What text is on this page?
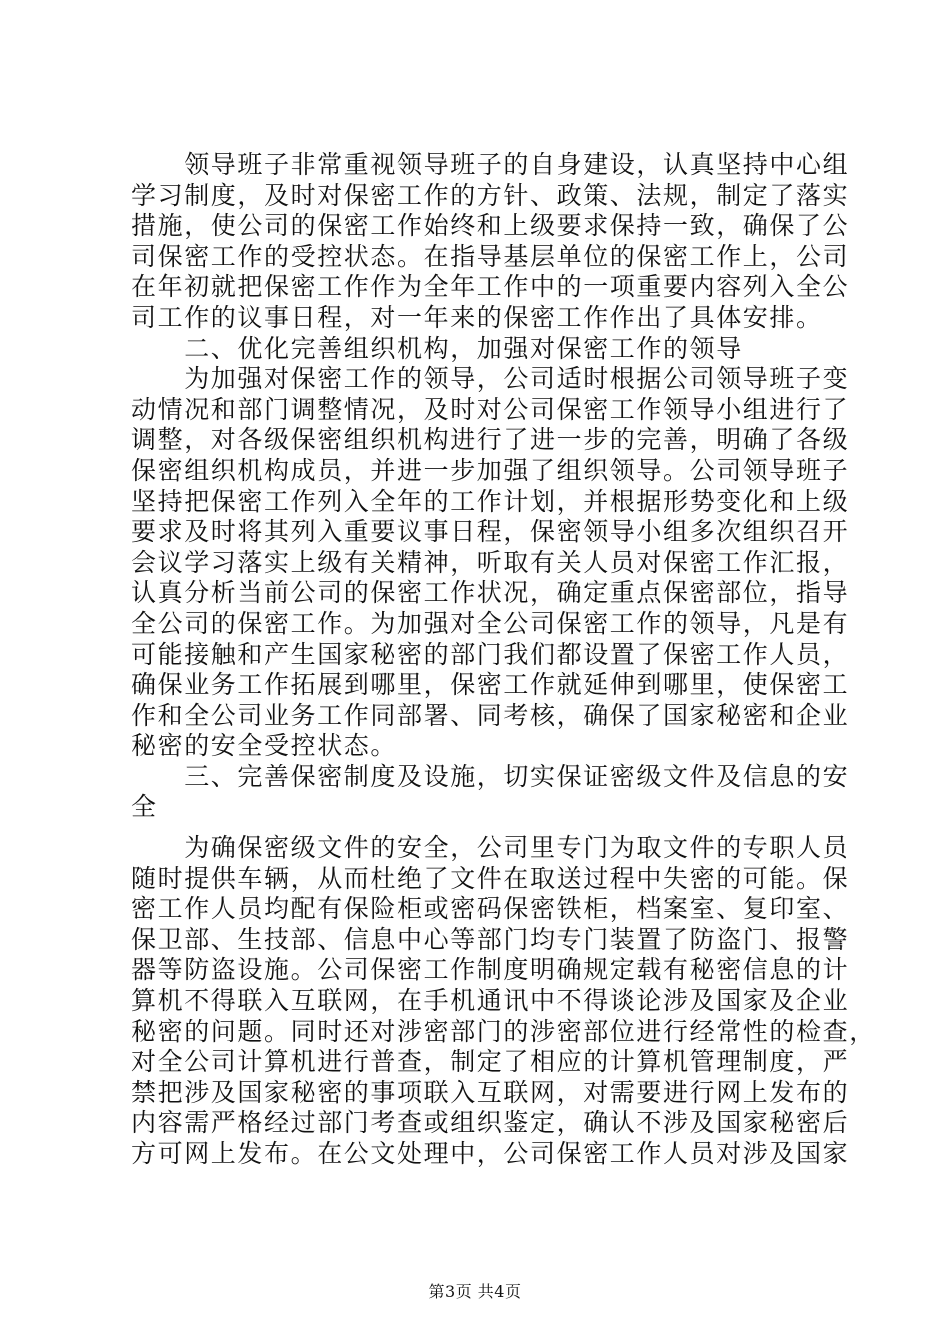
　　领导班子非常重视领导班子的自身建设，认真坚持中心组
学习制度，及时对保密工作的方针、政策、法规，制定了落实
措施，使公司的保密工作始终和上级要求保持一致，确保了公
司保密工作的受控状态。在指导基层单位的保密工作上，公司
在年初就把保密工作作为全年工作中的一项重要内容列入全公
司工作的议事日程，对一年来的保密工作作出了具体安排。
　　二、优化完善组织机构，加强对保密工作的领导
　　为加强对保密工作的领导，公司适时根据公司领导班子变
动情况和部门调整情况，及时对公司保密工作领导小组进行了
调整，对各级保密组织机构进行了进一步的完善，明确了各级
保密组织机构成员，并进一步加强了组织领导。公司领导班子
坚持把保密工作列入全年的工作计划，并根据形势变化和上级
要求及时将其列入重要议事日程，保密领导小组多次组织召开
会议学习落实上级有关精神，听取有关人员对保密工作汇报，
认真分析当前公司的保密工作状况，确定重点保密部位，指导
全公司的保密工作。为加强对全公司保密工作的领导，凡是有
可能接触和产生国家秘密的部门我们都设置了保密工作人员，
确保业务工作拓展到哪里，保密工作就延伸到哪里，使保密工
作和全公司业务工作同部署、同考核，确保了国家秘密和企业
秘密的安全受控状态。
　　三、完善保密制度及设施，切实保证密级文件及信息的安
全
　　为确保密级文件的安全，公司里专门为取文件的专职人员
随时提供车辆，从而杜绝了文件在取送过程中失密的可能。保
密工作人员均配有保险柜或密码保密铁柜，档案室、复印室、
保卫部、生技部、信息中心等部门均专门装置了防盗门、报警
器等防盗设施。公司保密工作制度明确规定载有秘密信息的计
算机不得联入互联网，在手机通讯中不得谈论涉及国家及企业
秘密的问题。同时还对涉密部门的涉密部位进行经常性的检查，
对全公司计算机进行普查，制定了相应的计算机管理制度，严
禁把涉及国家秘密的事项联入互联网，对需要进行网上发布的
内容需严格经过部门考查或组织鉴定，确认不涉及国家秘密后
方可网上发布。在公文处理中，公司保密工作人员对涉及国家
第3页 共4页
